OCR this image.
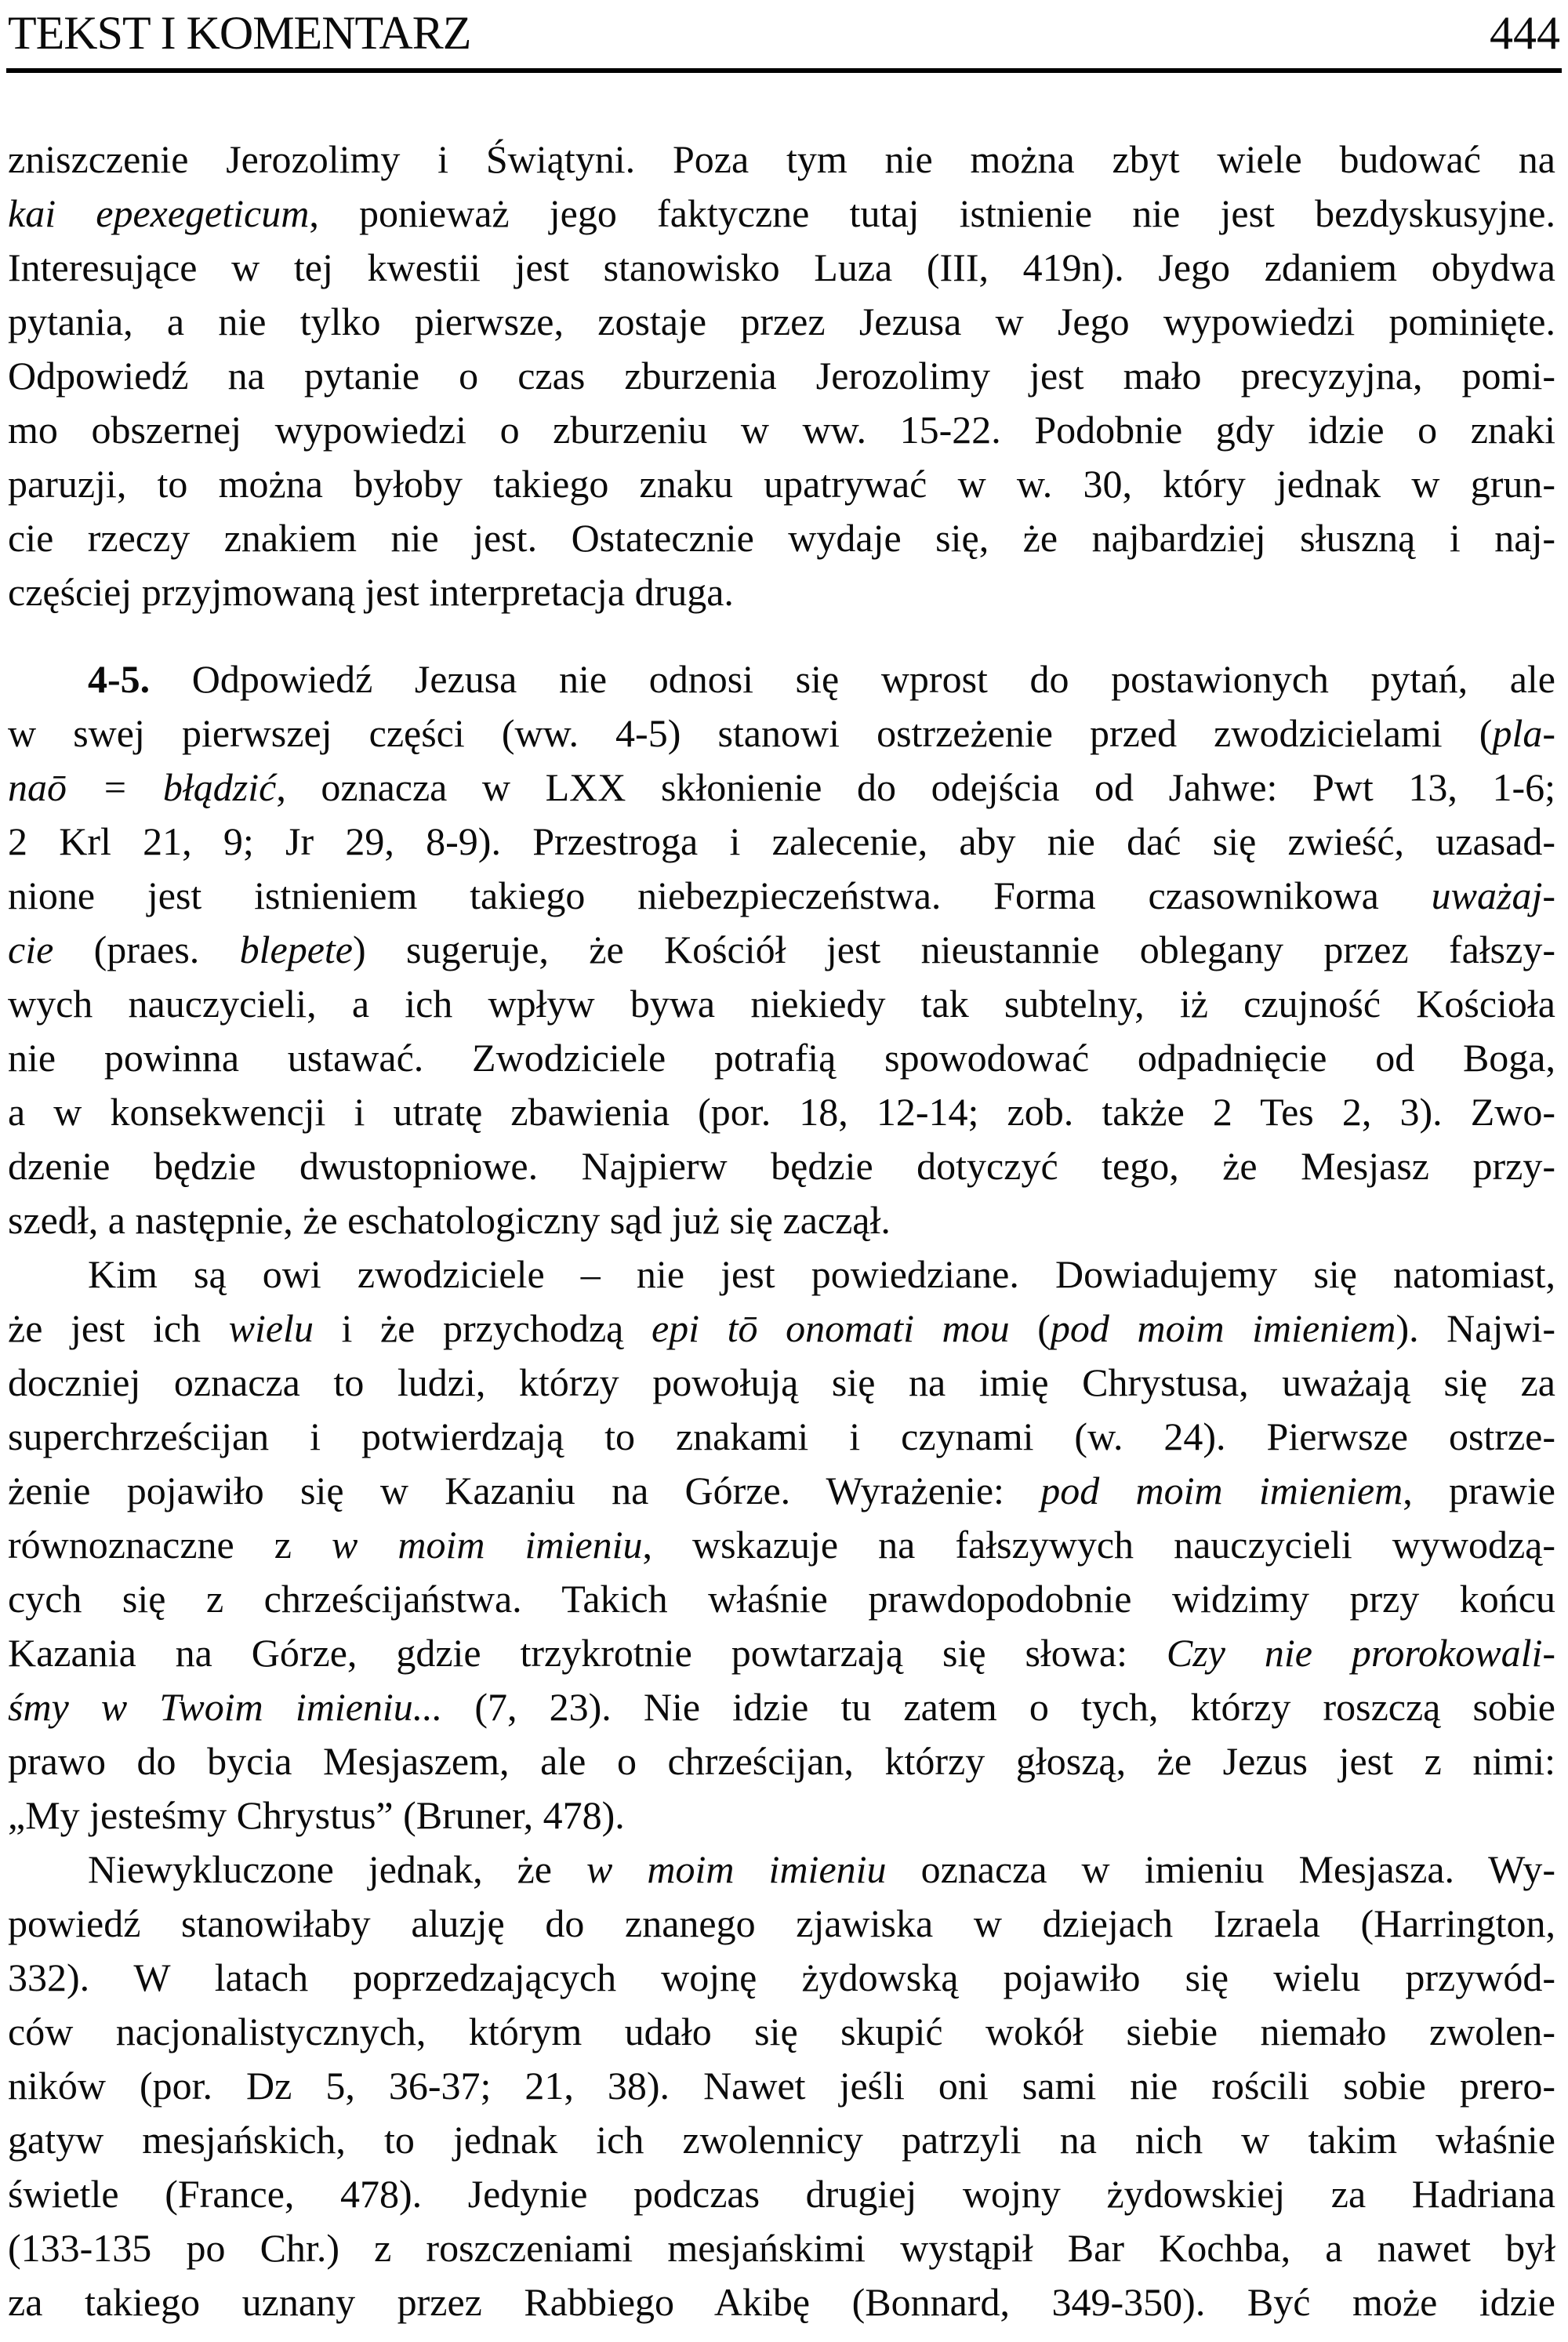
TEKST I KOMENTARZ	444
zniszczenie Jerozolimy i Świątyni. Poza tym nie można zbyt wiele budować na
kai epexegeticum, ponieważ jego faktyczne tutaj istnienie nie jest bezdyskusyjne.
Interesujące w tej kwestii jest stanowisko Luza (III, 419n). Jego zdaniem obydwa
pytania, a nie tylko pierwsze, zostaje przez Jezusa w Jego wypowiedzi pominięte.
Odpowiedź na pytanie o czas zburzenia Jerozolimy jest mało precyzyjna, pomi-
mo obszernej wypowiedzi o zburzeniu w ww. 15-22. Podobnie gdy idzie o znaki
paruzji, to można byłoby takiego znaku upatrywać w w. 30, który jednak w grun-
cie rzeczy znakiem nie jest. Ostatecznie wydaje się, że najbardziej słuszną i naj-
częściej przyjmowaną jest interpretacja druga.
4-5. Odpowiedź Jezusa nie odnosi się wprost do postawionych pytań, ale
w swej pierwszej części (ww. 4-5) stanowi ostrzeżenie przed zwodzicielami (pla-
naō = błądzić, oznacza w LXX skłonienie do odejścia od Jahwe: Pwt 13, 1-6;
2 Krl 21, 9; Jr 29, 8-9). Przestroga i zalecenie, aby nie dać się zwieść, uzasad-
nione jest istnieniem takiego niebezpieczeństwa. Forma czasownikowa uważaj-
cie (praes. blepete) sugeruje, że Kościół jest nieustannie oblegany przez fałszy-
wych nauczycieli, a ich wpływ bywa niekiedy tak subtelny, iż czujność Kościoła
nie powinna ustawać. Zwodziciele potrafią spowodować odpadnięcie od Boga,
a w konsekwencji i utratę zbawienia (por. 18, 12-14; zob. także 2 Tes 2, 3). Zwo-
dzenie będzie dwustopniowe. Najpierw będzie dotyczyć tego, że Mesjasz przy-
szedł, a następnie, że eschatologiczny sąd już się zaczął.
Kim są owi zwodziciele – nie jest powiedziane. Dowiadujemy się natomiast,
że jest ich wielu i że przychodzą epi tō onomati mou (pod moim imieniem). Najwi-
doczniej oznacza to ludzi, którzy powołują się na imię Chrystusa, uważają się za
superchrześcijan i potwierdzają to znakami i czynami (w. 24). Pierwsze ostrze-
żenie pojawiło się w Kazaniu na Górze. Wyrażenie: pod moim imieniem, prawie
równoznaczne z w moim imieniu, wskazuje na fałszywych nauczycieli wywodzą-
cych się z chrześcijaństwa. Takich właśnie prawdopodobnie widzimy przy końcu
Kazania na Górze, gdzie trzykrotnie powtarzają się słowa: Czy nie prorokowali-
śmy w Twoim imieniu... (7, 23). Nie idzie tu zatem o tych, którzy roszczą sobie
prawo do bycia Mesjaszem, ale o chrześcijan, którzy głoszą, że Jezus jest z nimi:
„My jesteśmy Chrystus” (Bruner, 478).
Niewykluczone jednak, że w moim imieniu oznacza w imieniu Mesjasza. Wy-
powiedź stanowiłaby aluzję do znanego zjawiska w dziejach Izraela (Harrington,
332). W latach poprzedzających wojnę żydowską pojawiło się wielu przywód-
ców nacjonalistycznych, którym udało się skupić wokół siebie niemało zwolen-
ników (por. Dz 5, 36-37; 21, 38). Nawet jeśli oni sami nie rościli sobie prero-
gatyw mesjańskich, to jednak ich zwolennicy patrzyli na nich w takim właśnie
świetle (France, 478). Jedynie podczas drugiej wojny żydowskiej za Hadriana
(133-135 po Chr.) z roszczeniami mesjańskimi wystąpił Bar Kochba, a nawet był
za takiego uznany przez Rabbiego Akibę (Bonnard, 349-350). Być może idzie
